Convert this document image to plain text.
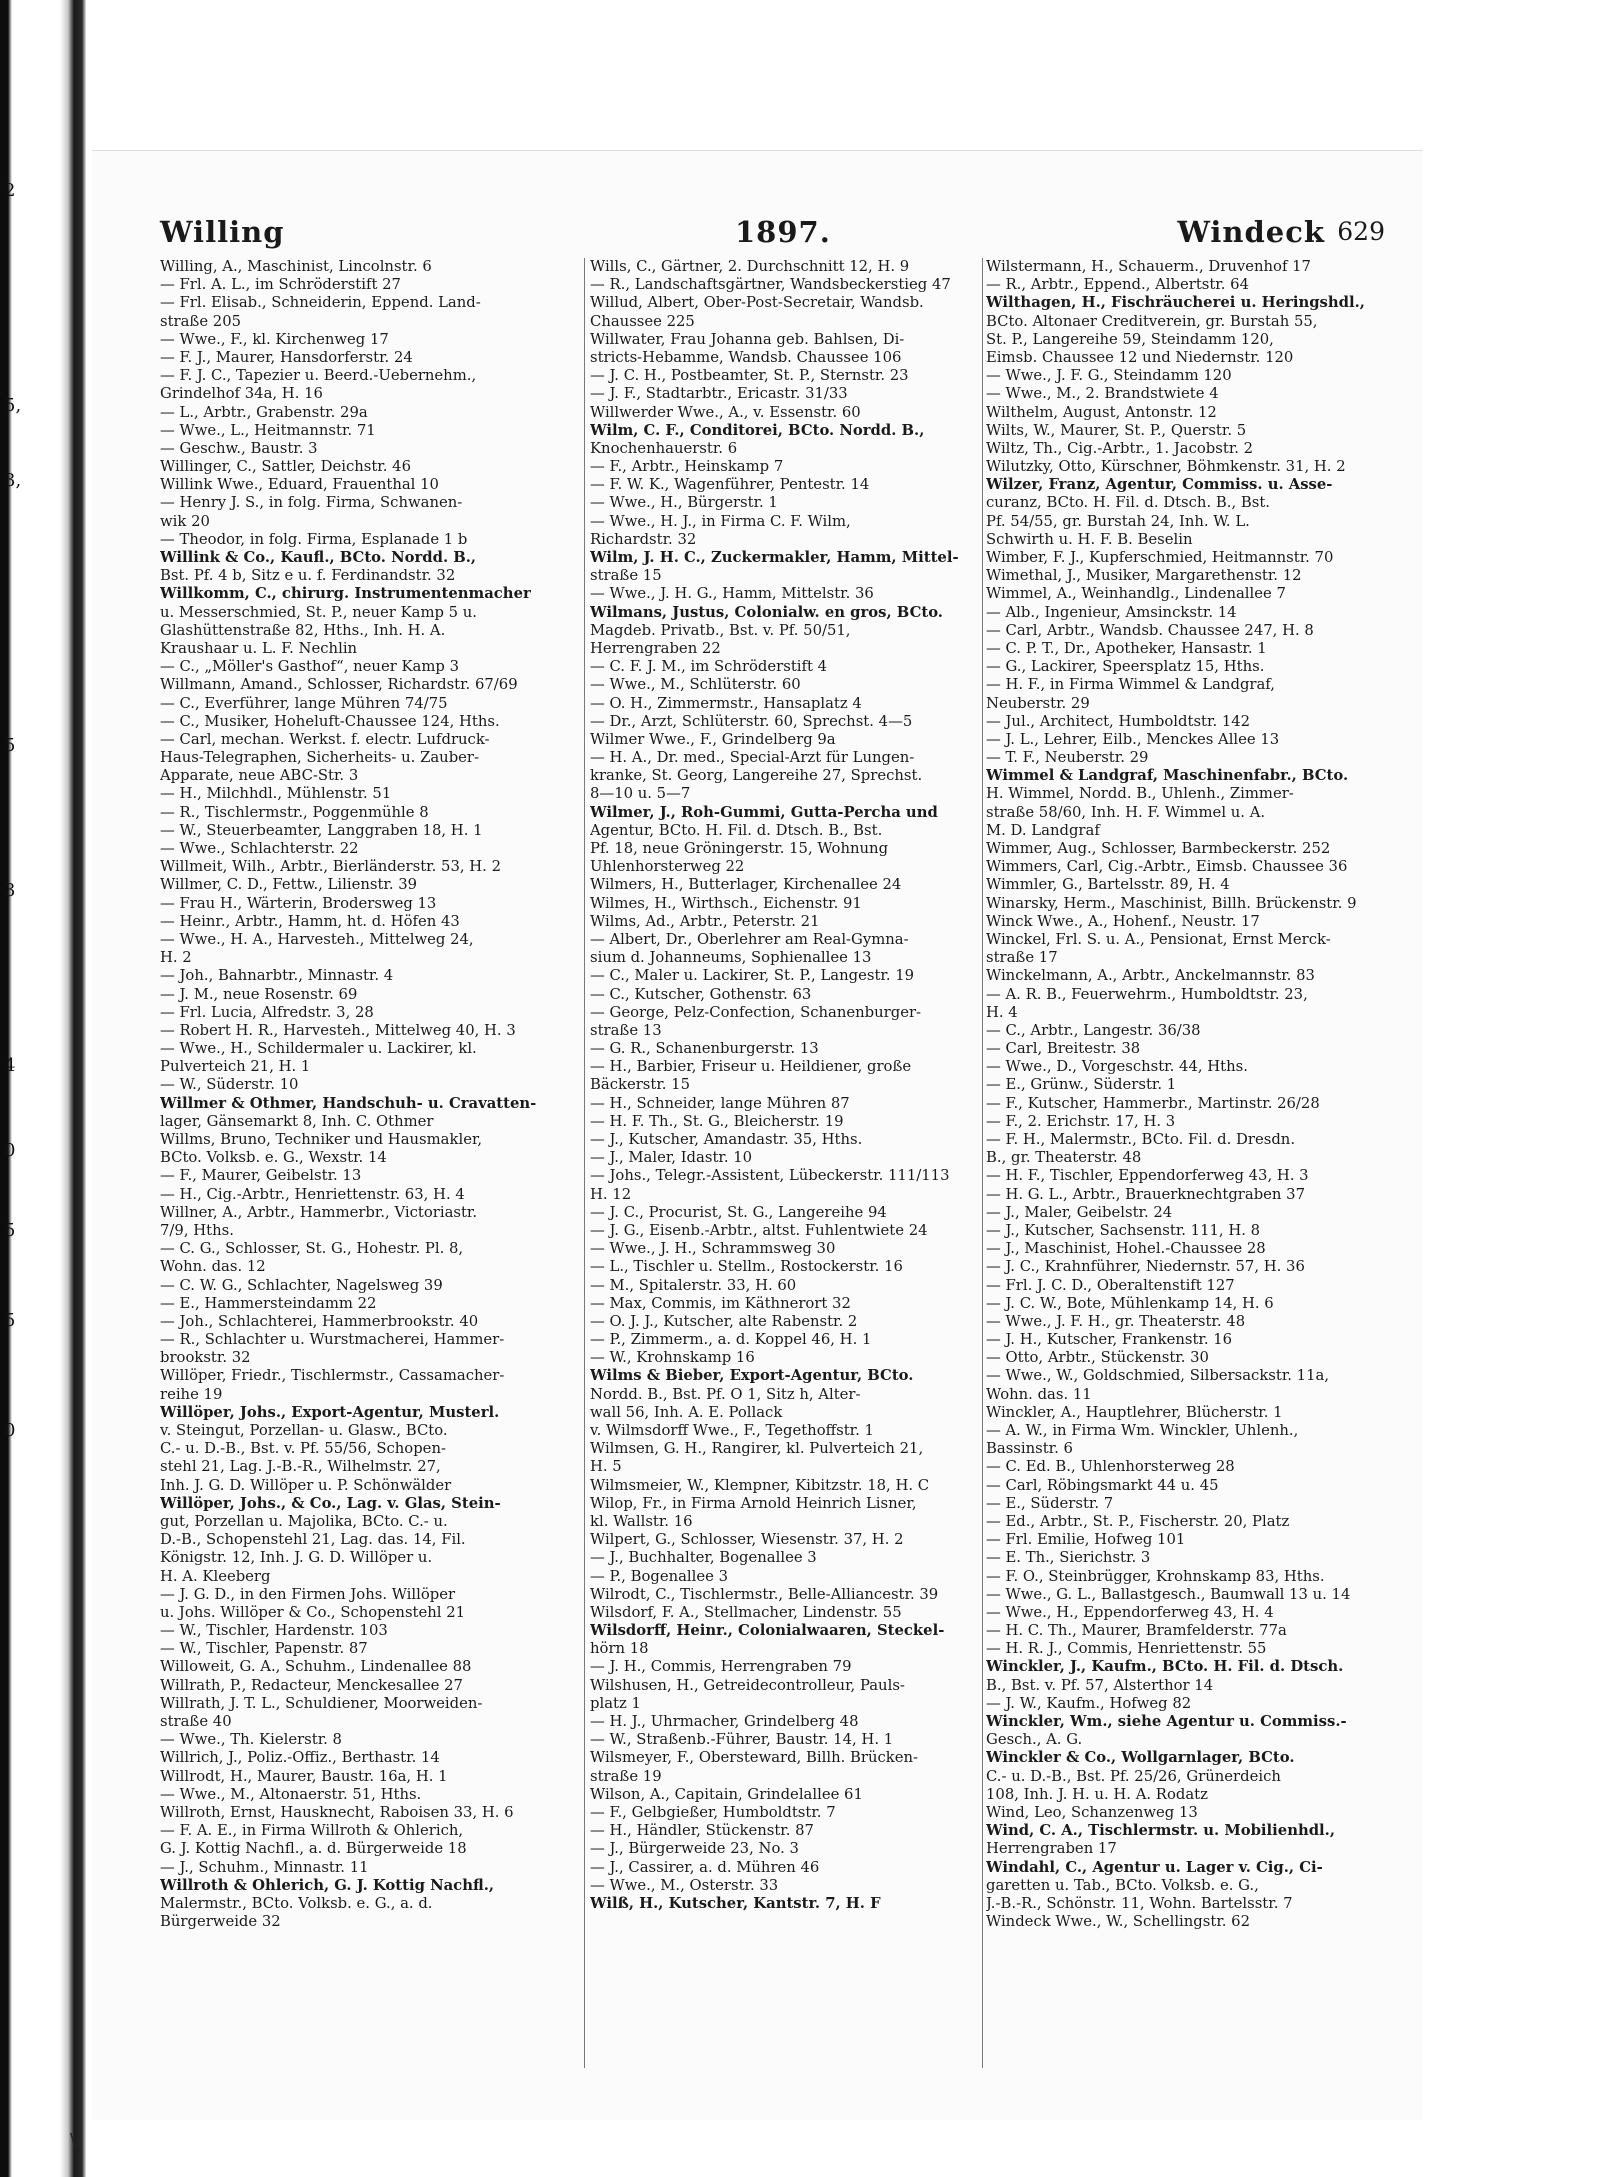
2
5,
3,
5
3
4
0
5
5
0
Willing	1897.	Windeck 629
Willing, A., Maschinist, Lincolnstr. 6
— Frl. A. L., im Schröderstift 27
— Frl. Elisab., Schneiderin, Eppend. Land-
straße 205
— Wwe., F., kl. Kirchenweg 17
— F. J., Maurer, Hansdorferstr. 24
— F. J. C., Tapezier u. Beerd.-Uebernehm.,
Grindelhof 34a, H. 16
— L., Arbtr., Grabenstr. 29a
— Wwe., L., Heitmannstr. 71
— Geschw., Baustr. 3
Willinger, C., Sattler, Deichstr. 46
Willink Wwe., Eduard, Frauenthal 10
— Henry J. S., in folg. Firma, Schwanen-
wik 20
— Theodor, in folg. Firma, Esplanade 1 b
Willink & Co., Kaufl., BCto. Nordd. B.,
Bst. Pf. 4 b, Sitz e u. f. Ferdinandstr. 32
Willkomm, C., chirurg. Instrumentenmacher
u. Messerschmied, St. P., neuer Kamp 5 u.
Glashüttenstraße 82, Hths., Inh. H. A.
Kraushaar u. L. F. Nechlin
— C., „Möller's Gasthof“, neuer Kamp 3
Willmann, Amand., Schlosser, Richardstr. 67/69
— C., Everführer, lange Mühren 74/75
— C., Musiker, Hoheluft-Chaussee 124, Hths.
— Carl, mechan. Werkst. f. electr. Lufdruck-
Haus-Telegraphen, Sicherheits- u. Zauber-
Apparate, neue ABC-Str. 3
— H., Milchhdl., Mühlenstr. 51
— R., Tischlermstr., Poggenmühle 8
— W., Steuerbeamter, Langgraben 18, H. 1
— Wwe., Schlachterstr. 22
Willmeit, Wilh., Arbtr., Bierländerstr. 53, H. 2
Willmer, C. D., Fettw., Lilienstr. 39
— Frau H., Wärterin, Brodersweg 13
— Heinr., Arbtr., Hamm, ht. d. Höfen 43
— Wwe., H. A., Harvesteh., Mittelweg 24,
H. 2
— Joh., Bahnarbtr., Minnastr. 4
— J. M., neue Rosenstr. 69
— Frl. Lucia, Alfredstr. 3, 28
— Robert H. R., Harvesteh., Mittelweg 40, H. 3
— Wwe., H., Schildermaler u. Lackirer, kl.
Pulverteich 21, H. 1
— W., Süderstr. 10
Willmer & Othmer, Handschuh- u. Cravatten-
lager, Gänsemarkt 8, Inh. C. Othmer
Willms, Bruno, Techniker und Hausmakler,
BCto. Volksb. e. G., Wexstr. 14
— F., Maurer, Geibelstr. 13
— H., Cig.-Arbtr., Henriettenstr. 63, H. 4
Willner, A., Arbtr., Hammerbr., Victoriastr.
7/9, Hths.
— C. G., Schlosser, St. G., Hohestr. Pl. 8,
Wohn. das. 12
— C. W. G., Schlachter, Nagelsweg 39
— E., Hammersteindamm 22
— Joh., Schlachterei, Hammerbrookstr. 40
— R., Schlachter u. Wurstmacherei, Hammer-
brookstr. 32
Willöper, Friedr., Tischlermstr., Cassamacher-
reihe 19
Willöper, Johs., Export-Agentur, Musterl.
v. Steingut, Porzellan- u. Glasw., BCto.
C.- u. D.-B., Bst. v. Pf. 55/56, Schopen-
stehl 21, Lag. J.-B.-R., Wilhelmstr. 27,
Inh. J. G. D. Willöper u. P. Schönwälder
Willöper, Johs., & Co., Lag. v. Glas, Stein-
gut, Porzellan u. Majolika, BCto. C.- u.
D.-B., Schopenstehl 21, Lag. das. 14, Fil.
Königstr. 12, Inh. J. G. D. Willöper u.
H. A. Kleeberg
— J. G. D., in den Firmen Johs. Willöper
u. Johs. Willöper & Co., Schopenstehl 21
— W., Tischler, Hardenstr. 103
— W., Tischler, Papenstr. 87
Willoweit, G. A., Schuhm., Lindenallee 88
Willrath, P., Redacteur, Menckesallee 27
Willrath, J. T. L., Schuldiener, Moorweiden-
straße 40
— Wwe., Th. Kielerstr. 8
Willrich, J., Poliz.-Offiz., Berthastr. 14
Willrodt, H., Maurer, Baustr. 16a, H. 1
— Wwe., M., Altonaerstr. 51, Hths.
Willroth, Ernst, Hausknecht, Raboisen 33, H. 6
— F. A. E., in Firma Willroth & Ohlerich,
G. J. Kottig Nachfl., a. d. Bürgerweide 18
— J., Schuhm., Minnastr. 11
Willroth & Ohlerich, G. J. Kottig Nachfl.,
Malermstr., BCto. Volksb. e. G., a. d.
Bürgerweide 32
Wills, C., Gärtner, 2. Durchschnitt 12, H. 9
— R., Landschaftsgärtner, Wandsbeckerstieg 47
Willud, Albert, Ober-Post-Secretair, Wandsb.
Chaussee 225
Willwater, Frau Johanna geb. Bahlsen, Di-
stricts-Hebamme, Wandsb. Chaussee 106
— J. C. H., Postbeamter, St. P., Sternstr. 23
— J. F., Stadtarbtr., Ericastr. 31/33
Willwerder Wwe., A., v. Essenstr. 60
Wilm, C. F., Conditorei, BCto. Nordd. B.,
Knochenhauerstr. 6
— F., Arbtr., Heinskamp 7
— F. W. K., Wagenführer, Pentestr. 14
— Wwe., H., Bürgerstr. 1
— Wwe., H. J., in Firma C. F. Wilm,
Richardstr. 32
Wilm, J. H. C., Zuckermakler, Hamm, Mittel-
straße 15
— Wwe., J. H. G., Hamm, Mittelstr. 36
Wilmans, Justus, Colonialw. en gros, BCto.
Magdeb. Privatb., Bst. v. Pf. 50/51,
Herrengraben 22
— C. F. J. M., im Schröderstift 4
— Wwe., M., Schlüterstr. 60
— O. H., Zimmermstr., Hansaplatz 4
— Dr., Arzt, Schlüterstr. 60, Sprechst. 4—5
Wilmer Wwe., F., Grindelberg 9a
— H. A., Dr. med., Special-Arzt für Lungen-
kranke, St. Georg, Langereihe 27, Sprechst.
8—10 u. 5—7
Wilmer, J., Roh-Gummi, Gutta-Percha und
Agentur, BCto. H. Fil. d. Dtsch. B., Bst.
Pf. 18, neue Gröningerstr. 15, Wohnung
Uhlenhorsterweg 22
Wilmers, H., Butterlager, Kirchenallee 24
Wilmes, H., Wirthsch., Eichenstr. 91
Wilms, Ad., Arbtr., Peterstr. 21
— Albert, Dr., Oberlehrer am Real-Gymna-
sium d. Johanneums, Sophienallee 13
— C., Maler u. Lackirer, St. P., Langestr. 19
— C., Kutscher, Gothenstr. 63
— George, Pelz-Confection, Schanenburger-
straße 13
— G. R., Schanenburgerstr. 13
— H., Barbier, Friseur u. Heildiener, große
Bäckerstr. 15
— H., Schneider, lange Mühren 87
— H. F. Th., St. G., Bleicherstr. 19
— J., Kutscher, Amandastr. 35, Hths.
— J., Maler, Idastr. 10
— Johs., Telegr.-Assistent, Lübeckerstr. 111/113
H. 12
— J. C., Procurist, St. G., Langereihe 94
— J. G., Eisenb.-Arbtr., altst. Fuhlentwiete 24
— Wwe., J. H., Schrammsweg 30
— L., Tischler u. Stellm., Rostockerstr. 16
— M., Spitalerstr. 33, H. 60
— Max, Commis, im Käthnerort 32
— O. J. J., Kutscher, alte Rabenstr. 2
— P., Zimmerm., a. d. Koppel 46, H. 1
— W., Krohnskamp 16
Wilms & Bieber, Export-Agentur, BCto.
Nordd. B., Bst. Pf. O 1, Sitz h, Alter-
wall 56, Inh. A. E. Pollack
v. Wilmsdorff Wwe., F., Tegethoffstr. 1
Wilmsen, G. H., Rangirer, kl. Pulverteich 21,
H. 5
Wilmsmeier, W., Klempner, Kibitzstr. 18, H. C
Wilop, Fr., in Firma Arnold Heinrich Lisner,
kl. Wallstr. 16
Wilpert, G., Schlosser, Wiesenstr. 37, H. 2
— J., Buchhalter, Bogenallee 3
— P., Bogenallee 3
Wilrodt, C., Tischlermstr., Belle-Alliancestr. 39
Wilsdorf, F. A., Stellmacher, Lindenstr. 55
Wilsdorff, Heinr., Colonialwaaren, Steckel-
hörn 18
— J. H., Commis, Herrengraben 79
Wilshusen, H., Getreidecontrolleur, Pauls-
platz 1
— H. J., Uhrmacher, Grindelberg 48
— W., Straßenb.-Führer, Baustr. 14, H. 1
Wilsmeyer, F., Obersteward, Billh. Brücken-
straße 19
Wilson, A., Capitain, Grindelallee 61
— F., Gelbgießer, Humboldtstr. 7
— H., Händler, Stückenstr. 87
— J., Bürgerweide 23, No. 3
— J., Cassirer, a. d. Mühren 46
— Wwe., M., Osterstr. 33
Wilß, H., Kutscher, Kantstr. 7, H. F
Wilstermann, H., Schauerm., Druvenhof 17
— R., Arbtr., Eppend., Albertstr. 64
Wilthagen, H., Fischräucherei u. Heringshdl.,
BCto. Altonaer Creditverein, gr. Burstah 55,
St. P., Langereihe 59, Steindamm 120,
Eimsb. Chaussee 12 und Niedernstr. 120
— Wwe., J. F. G., Steindamm 120
— Wwe., M., 2. Brandstwiete 4
Wilthelm, August, Antonstr. 12
Wilts, W., Maurer, St. P., Querstr. 5
Wiltz, Th., Cig.-Arbtr., 1. Jacobstr. 2
Wilutzky, Otto, Kürschner, Böhmkenstr. 31, H. 2
Wilzer, Franz, Agentur, Commiss. u. Asse-
curanz, BCto. H. Fil. d. Dtsch. B., Bst.
Pf. 54/55, gr. Burstah 24, Inh. W. L.
Schwirth u. H. F. B. Beselin
Wimber, F. J., Kupferschmied, Heitmannstr. 70
Wimethal, J., Musiker, Margarethenstr. 12
Wimmel, A., Weinhandlg., Lindenallee 7
— Alb., Ingenieur, Amsinckstr. 14
— Carl, Arbtr., Wandsb. Chaussee 247, H. 8
— C. P. T., Dr., Apotheker, Hansastr. 1
— G., Lackirer, Speersplatz 15, Hths.
— H. F., in Firma Wimmel & Landgraf,
Neuberstr. 29
— Jul., Architect, Humboldtstr. 142
— J. L., Lehrer, Eilb., Menckes Allee 13
— T. F., Neuberstr. 29
Wimmel & Landgraf, Maschinenfabr., BCto.
H. Wimmel, Nordd. B., Uhlenh., Zimmer-
straße 58/60, Inh. H. F. Wimmel u. A.
M. D. Landgraf
Wimmer, Aug., Schlosser, Barmbeckerstr. 252
Wimmers, Carl, Cig.-Arbtr., Eimsb. Chaussee 36
Wimmler, G., Bartelsstr. 89, H. 4
Winarsky, Herm., Maschinist, Billh. Brückenstr. 9
Winck Wwe., A., Hohenf., Neustr. 17
Winckel, Frl. S. u. A., Pensionat, Ernst Merck-
straße 17
Winckelmann, A., Arbtr., Anckelmannstr. 83
— A. R. B., Feuerwehrm., Humboldtstr. 23,
H. 4
— C., Arbtr., Langestr. 36/38
— Carl, Breitestr. 38
— Wwe., D., Vorgeschstr. 44, Hths.
— E., Grünw., Süderstr. 1
— F., Kutscher, Hammerbr., Martinstr. 26/28
— F., 2. Erichstr. 17, H. 3
— F. H., Malermstr., BCto. Fil. d. Dresdn.
B., gr. Theaterstr. 48
— H. F., Tischler, Eppendorferweg 43, H. 3
— H. G. L., Arbtr., Brauerknechtgraben 37
— J., Maler, Geibelstr. 24
— J., Kutscher, Sachsenstr. 111, H. 8
— J., Maschinist, Hohel.-Chaussee 28
— J. C., Krahnführer, Niedernstr. 57, H. 36
— Frl. J. C. D., Oberaltenstift 127
— J. C. W., Bote, Mühlenkamp 14, H. 6
— Wwe., J. F. H., gr. Theaterstr. 48
— J. H., Kutscher, Frankenstr. 16
— Otto, Arbtr., Stückenstr. 30
— Wwe., W., Goldschmied, Silbersackstr. 11a,
Wohn. das. 11
Winckler, A., Hauptlehrer, Blücherstr. 1
— A. W., in Firma Wm. Winckler, Uhlenh.,
Bassinstr. 6
— C. Ed. B., Uhlenhorsterweg 28
— Carl, Röbingsmarkt 44 u. 45
— E., Süderstr. 7
— Ed., Arbtr., St. P., Fischerstr. 20, Platz
— Frl. Emilie, Hofweg 101
— E. Th., Sierichstr. 3
— F. O., Steinbrügger, Krohnskamp 83, Hths.
— Wwe., G. L., Ballastgesch., Baumwall 13 u. 14
— Wwe., H., Eppendorferweg 43, H. 4
— H. C. Th., Maurer, Bramfelderstr. 77a
— H. R. J., Commis, Henriettenstr. 55
Winckler, J., Kaufm., BCto. H. Fil. d. Dtsch.
B., Bst. v. Pf. 57, Alsterthor 14
— J. W., Kaufm., Hofweg 82
Winckler, Wm., siehe Agentur u. Commiss.-
Gesch., A. G.
Winckler & Co., Wollgarnlager, BCto.
C.- u. D.-B., Bst. Pf. 25/26, Grünerdeich
108, Inh. J. H. u. H. A. Rodatz
Wind, Leo, Schanzenweg 13
Wind, C. A., Tischlermstr. u. Mobilienhdl.,
Herrengraben 17
Windahl, C., Agentur u. Lager v. Cig., Ci-
garetten u. Tab., BCto. Volksb. e. G.,
J.-B.-R., Schönstr. 11, Wohn. Bartelsstr. 7
Windeck Wwe., W., Schellingstr. 62
\
